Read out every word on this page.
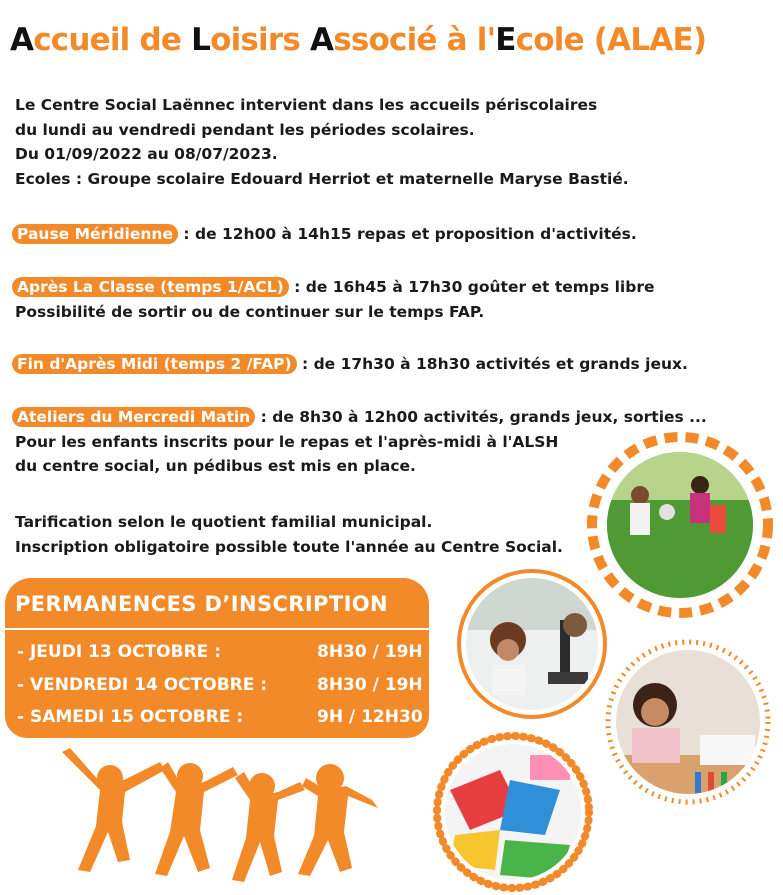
Accueil de Loisirs Associé à l'Ecole (ALAE)
Le Centre Social Laënnec intervient dans les accueils périscolaires
du lundi au vendredi pendant les périodes scolaires.
Du 01/09/2022 au 08/07/2023.
Ecoles : Groupe scolaire Edouard Herriot et maternelle Maryse Bastié.
Pause Méridienne : de 12h00 à 14h15 repas et proposition d'activités.
Après La Classe (temps 1/ACL) : de 16h45 à 17h30 goûter et temps libre
Possibilité de sortir ou de continuer sur le temps FAP.
Fin d'Après Midi (temps 2 /FAP) : de 17h30 à 18h30 activités et grands jeux.
Ateliers du Mercredi Matin : de 8h30 à 12h00 activités, grands jeux, sorties ...
Pour les enfants inscrits pour le repas et l'après-midi à l'ALSH
du centre social, un pédibus est mis en place.
Tarification selon le quotient familial municipal.
Inscription obligatoire possible toute l'année au Centre Social.
PERMANENCES D’INSCRIPTION
- JEUDI 13 OCTOBRE :	8H30 / 19H
- VENDREDI 14 OCTOBRE :	8H30 / 19H
- SAMEDI 15 OCTOBRE :	9H / 12H30
